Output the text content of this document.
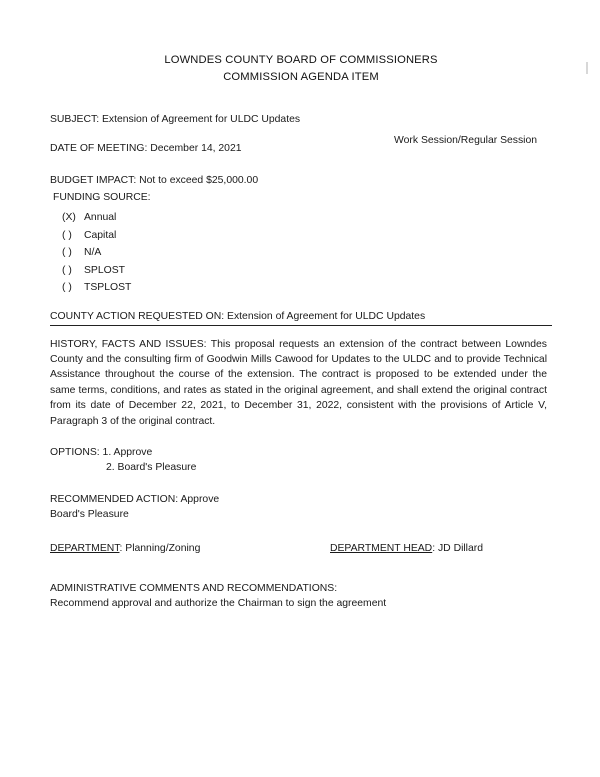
LOWNDES COUNTY BOARD OF COMMISSIONERS
COMMISSION AGENDA ITEM
SUBJECT: Extension of Agreement for ULDC Updates
DATE OF MEETING: December 14, 2021
Work Session/Regular Session
BUDGET IMPACT: Not to exceed $25,000.00
FUNDING SOURCE:
(X) Annual
( ) Capital
( ) N/A
( ) SPLOST
( ) TSPLOST
COUNTY ACTION REQUESTED ON: Extension of Agreement for ULDC Updates
HISTORY, FACTS AND ISSUES: This proposal requests an extension of the contract between Lowndes County and the consulting firm of Goodwin Mills Cawood for Updates to the ULDC and to provide Technical Assistance throughout the course of the extension. The contract is proposed to be extended under the same terms, conditions, and rates as stated in the original agreement, and shall extend the original contract from its date of December 22, 2021, to December 31, 2022, consistent with the provisions of Article V, Paragraph 3 of the original contract.
OPTIONS: 1. Approve
2. Board's Pleasure
RECOMMENDED ACTION: Approve
Board's Pleasure
DEPARTMENT: Planning/Zoning	DEPARTMENT HEAD: JD Dillard
ADMINISTRATIVE COMMENTS AND RECOMMENDATIONS:
Recommend approval and authorize the Chairman to sign the agreement
